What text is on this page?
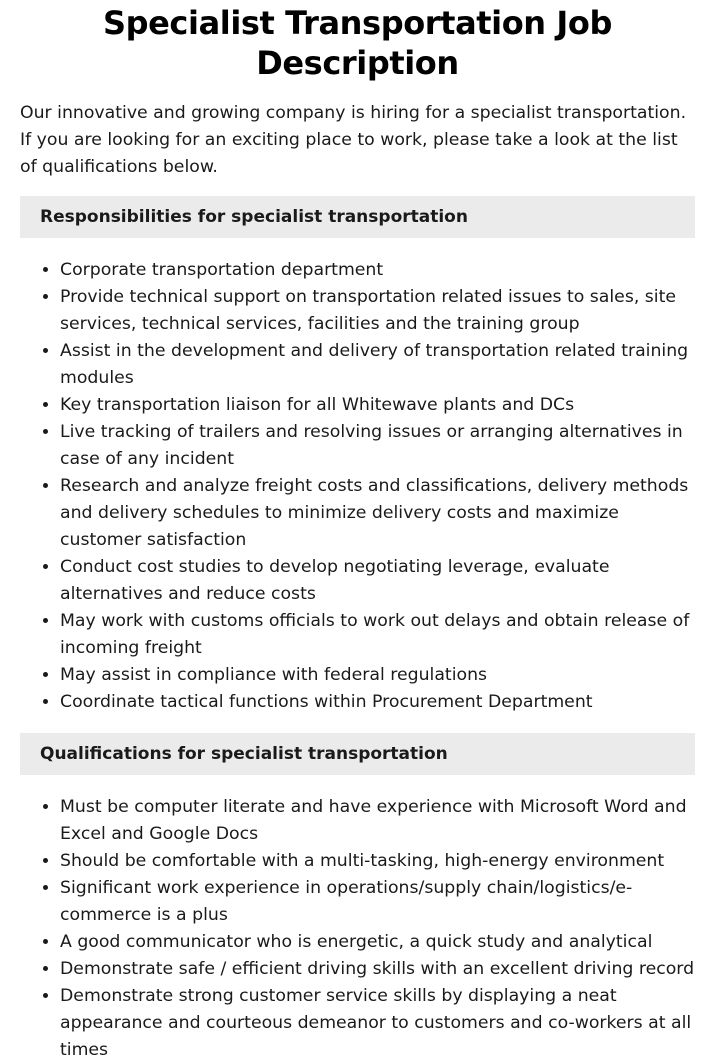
Specialist Transportation Job Description

Our innovative and growing company is hiring for a specialist transportation. If you are looking for an exciting place to work, please take a look at the list of qualifications below.

Responsibilities for specialist transportation
• Corporate transportation department
• Provide technical support on transportation related issues to sales, site services, technical services, facilities and the training group
• Assist in the development and delivery of transportation related training modules
• Key transportation liaison for all Whitewave plants and DCs
• Live tracking of trailers and resolving issues or arranging alternatives in case of any incident
• Research and analyze freight costs and classifications, delivery methods and delivery schedules to minimize delivery costs and maximize customer satisfaction
• Conduct cost studies to develop negotiating leverage, evaluate alternatives and reduce costs
• May work with customs officials to work out delays and obtain release of incoming freight
• May assist in compliance with federal regulations
• Coordinate tactical functions within Procurement Department
Qualifications for specialist transportation
• Must be computer literate and have experience with Microsoft Word and Excel and Google Docs
• Should be comfortable with a multi-tasking, high-energy environment
• Significant work experience in operations/supply chain/logistics/e-commerce is a plus
• A good communicator who is energetic, a quick study and analytical
• Demonstrate safe / efficient driving skills with an excellent driving record
• Demonstrate strong customer service skills by displaying a neat appearance and courteous demeanor to customers and co-workers at all times
